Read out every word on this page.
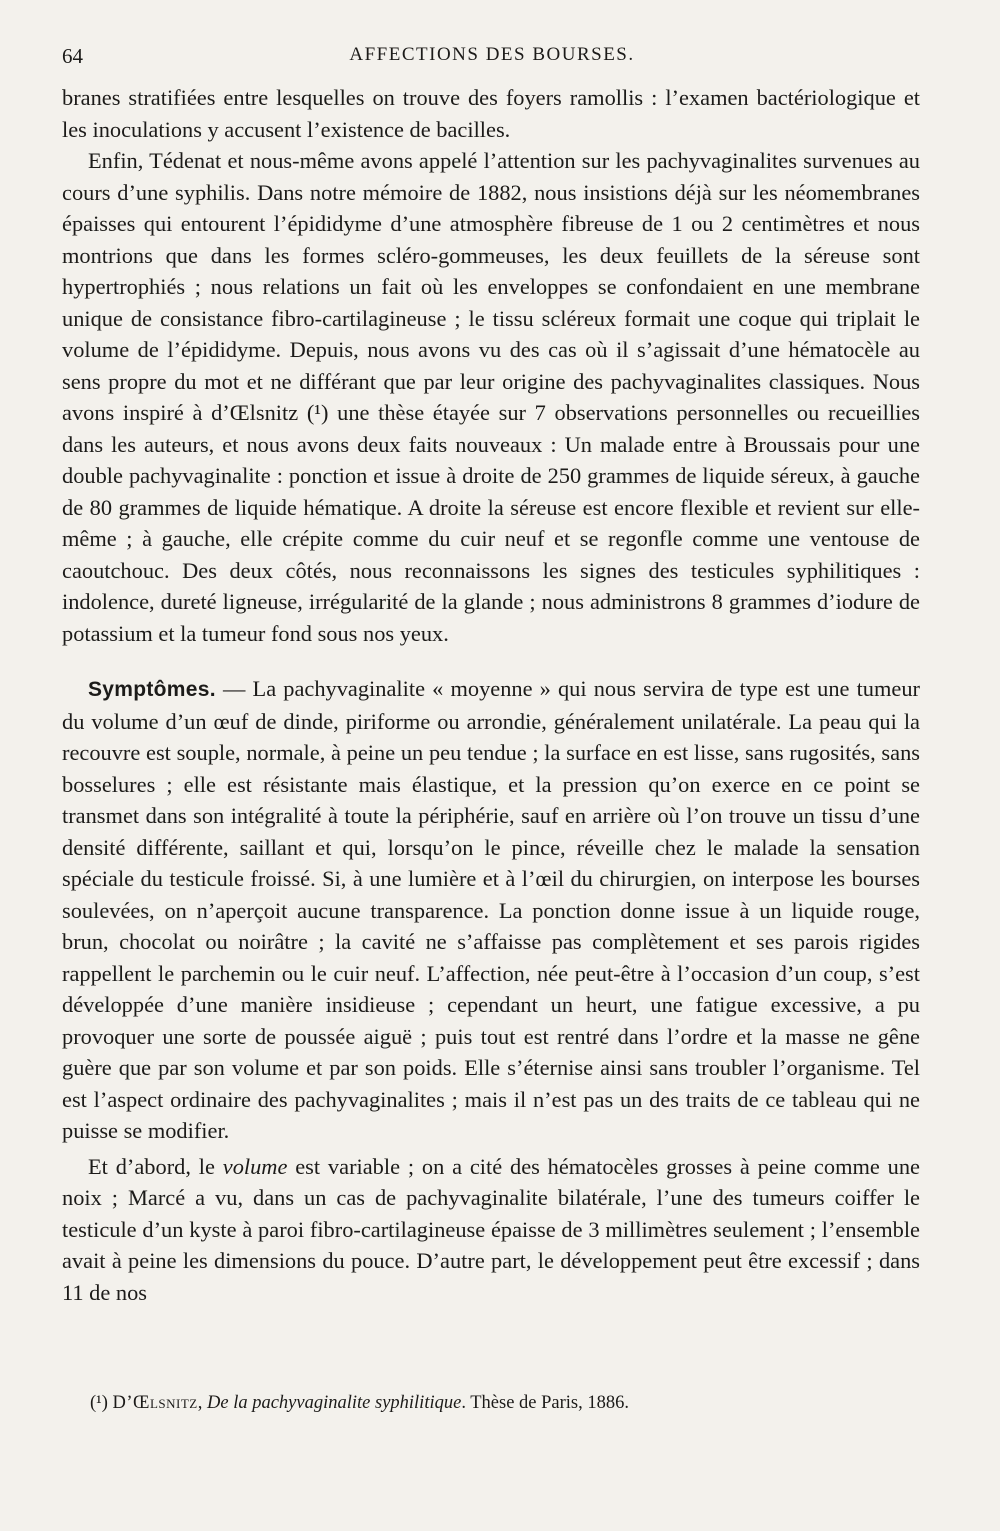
64	AFFECTIONS DES BOURSES.

branes stratifiées entre lesquelles on trouve des foyers ramollis : l’examen bactériologique et les inoculations y accusent l’existence de bacilles.

Enfin, Tédenat et nous-même avons appelé l’attention sur les pachyvaginalites survenues au cours d’une syphilis. Dans notre mémoire de 1882, nous insistions déjà sur les néomembranes épaisses qui entourent l’épididyme d’une atmosphère fibreuse de 1 ou 2 centimètres et nous montrions que dans les formes scléro-gommeuses, les deux feuillets de la séreuse sont hypertrophiés ; nous relations un fait où les enveloppes se confondaient en une membrane unique de consistance fibro-cartilagineuse ; le tissu scléreux formait une coque qui triplait le volume de l’épididyme. Depuis, nous avons vu des cas où il s’agissait d’une hématocèle au sens propre du mot et ne différant que par leur origine des pachyvaginalites classiques. Nous avons inspiré à d’Œlsnitz (¹) une thèse étayée sur 7 observations personnelles ou recueillies dans les auteurs, et nous avons deux faits nouveaux : Un malade entre à Broussais pour une double pachyvaginalite : ponction et issue à droite de 250 grammes de liquide séreux, à gauche de 80 grammes de liquide hématique. A droite la séreuse est encore flexible et revient sur elle-même ; à gauche, elle crépite comme du cuir neuf et se regonfle comme une ventouse de caoutchouc. Des deux côtés, nous reconnaissons les signes des testicules syphilitiques : indolence, dureté ligneuse, irrégularité de la glande ; nous administrons 8 grammes d’iodure de potassium et la tumeur fond sous nos yeux.

Symptômes. — La pachyvaginalite « moyenne » qui nous servira de type est une tumeur du volume d’un œuf de dinde, piriforme ou arrondie, généralement unilatérale. La peau qui la recouvre est souple, normale, à peine un peu tendue ; la surface en est lisse, sans rugosités, sans bosselures ; elle est résistante mais élastique, et la pression qu’on exerce en ce point se transmet dans son intégralité à toute la périphérie, sauf en arrière où l’on trouve un tissu d’une densité différente, saillant et qui, lorsqu’on le pince, réveille chez le malade la sensation spéciale du testicule froissé. Si, à une lumière et à l’œil du chirurgien, on interpose les bourses soulevées, on n’aperçoit aucune transparence. La ponction donne issue à un liquide rouge, brun, chocolat ou noirâtre ; la cavité ne s’affaisse pas complètement et ses parois rigides rappellent le parchemin ou le cuir neuf. L’affection, née peut-être à l’occasion d’un coup, s’est développée d’une manière insidieuse ; cependant un heurt, une fatigue excessive, a pu provoquer une sorte de poussée aiguë ; puis tout est rentré dans l’ordre et la masse ne gêne guère que par son volume et par son poids. Elle s’éternise ainsi sans troubler l’organisme. Tel est l’aspect ordinaire des pachyvaginalites ; mais il n’est pas un des traits de ce tableau qui ne puisse se modifier.

Et d’abord, le volume est variable ; on a cité des hématocèles grosses à peine comme une noix ; Marcé a vu, dans un cas de pachyvaginalite bilatérale, l’une des tumeurs coiffer le testicule d’un kyste à paroi fibro-cartilagineuse épaisse de 3 millimètres seulement ; l’ensemble avait à peine les dimensions du pouce. D’autre part, le développement peut être excessif ; dans 11 de nos

(¹) D’Œlsnitz, De la pachyvaginalite syphilitique. Thèse de Paris, 1886.
